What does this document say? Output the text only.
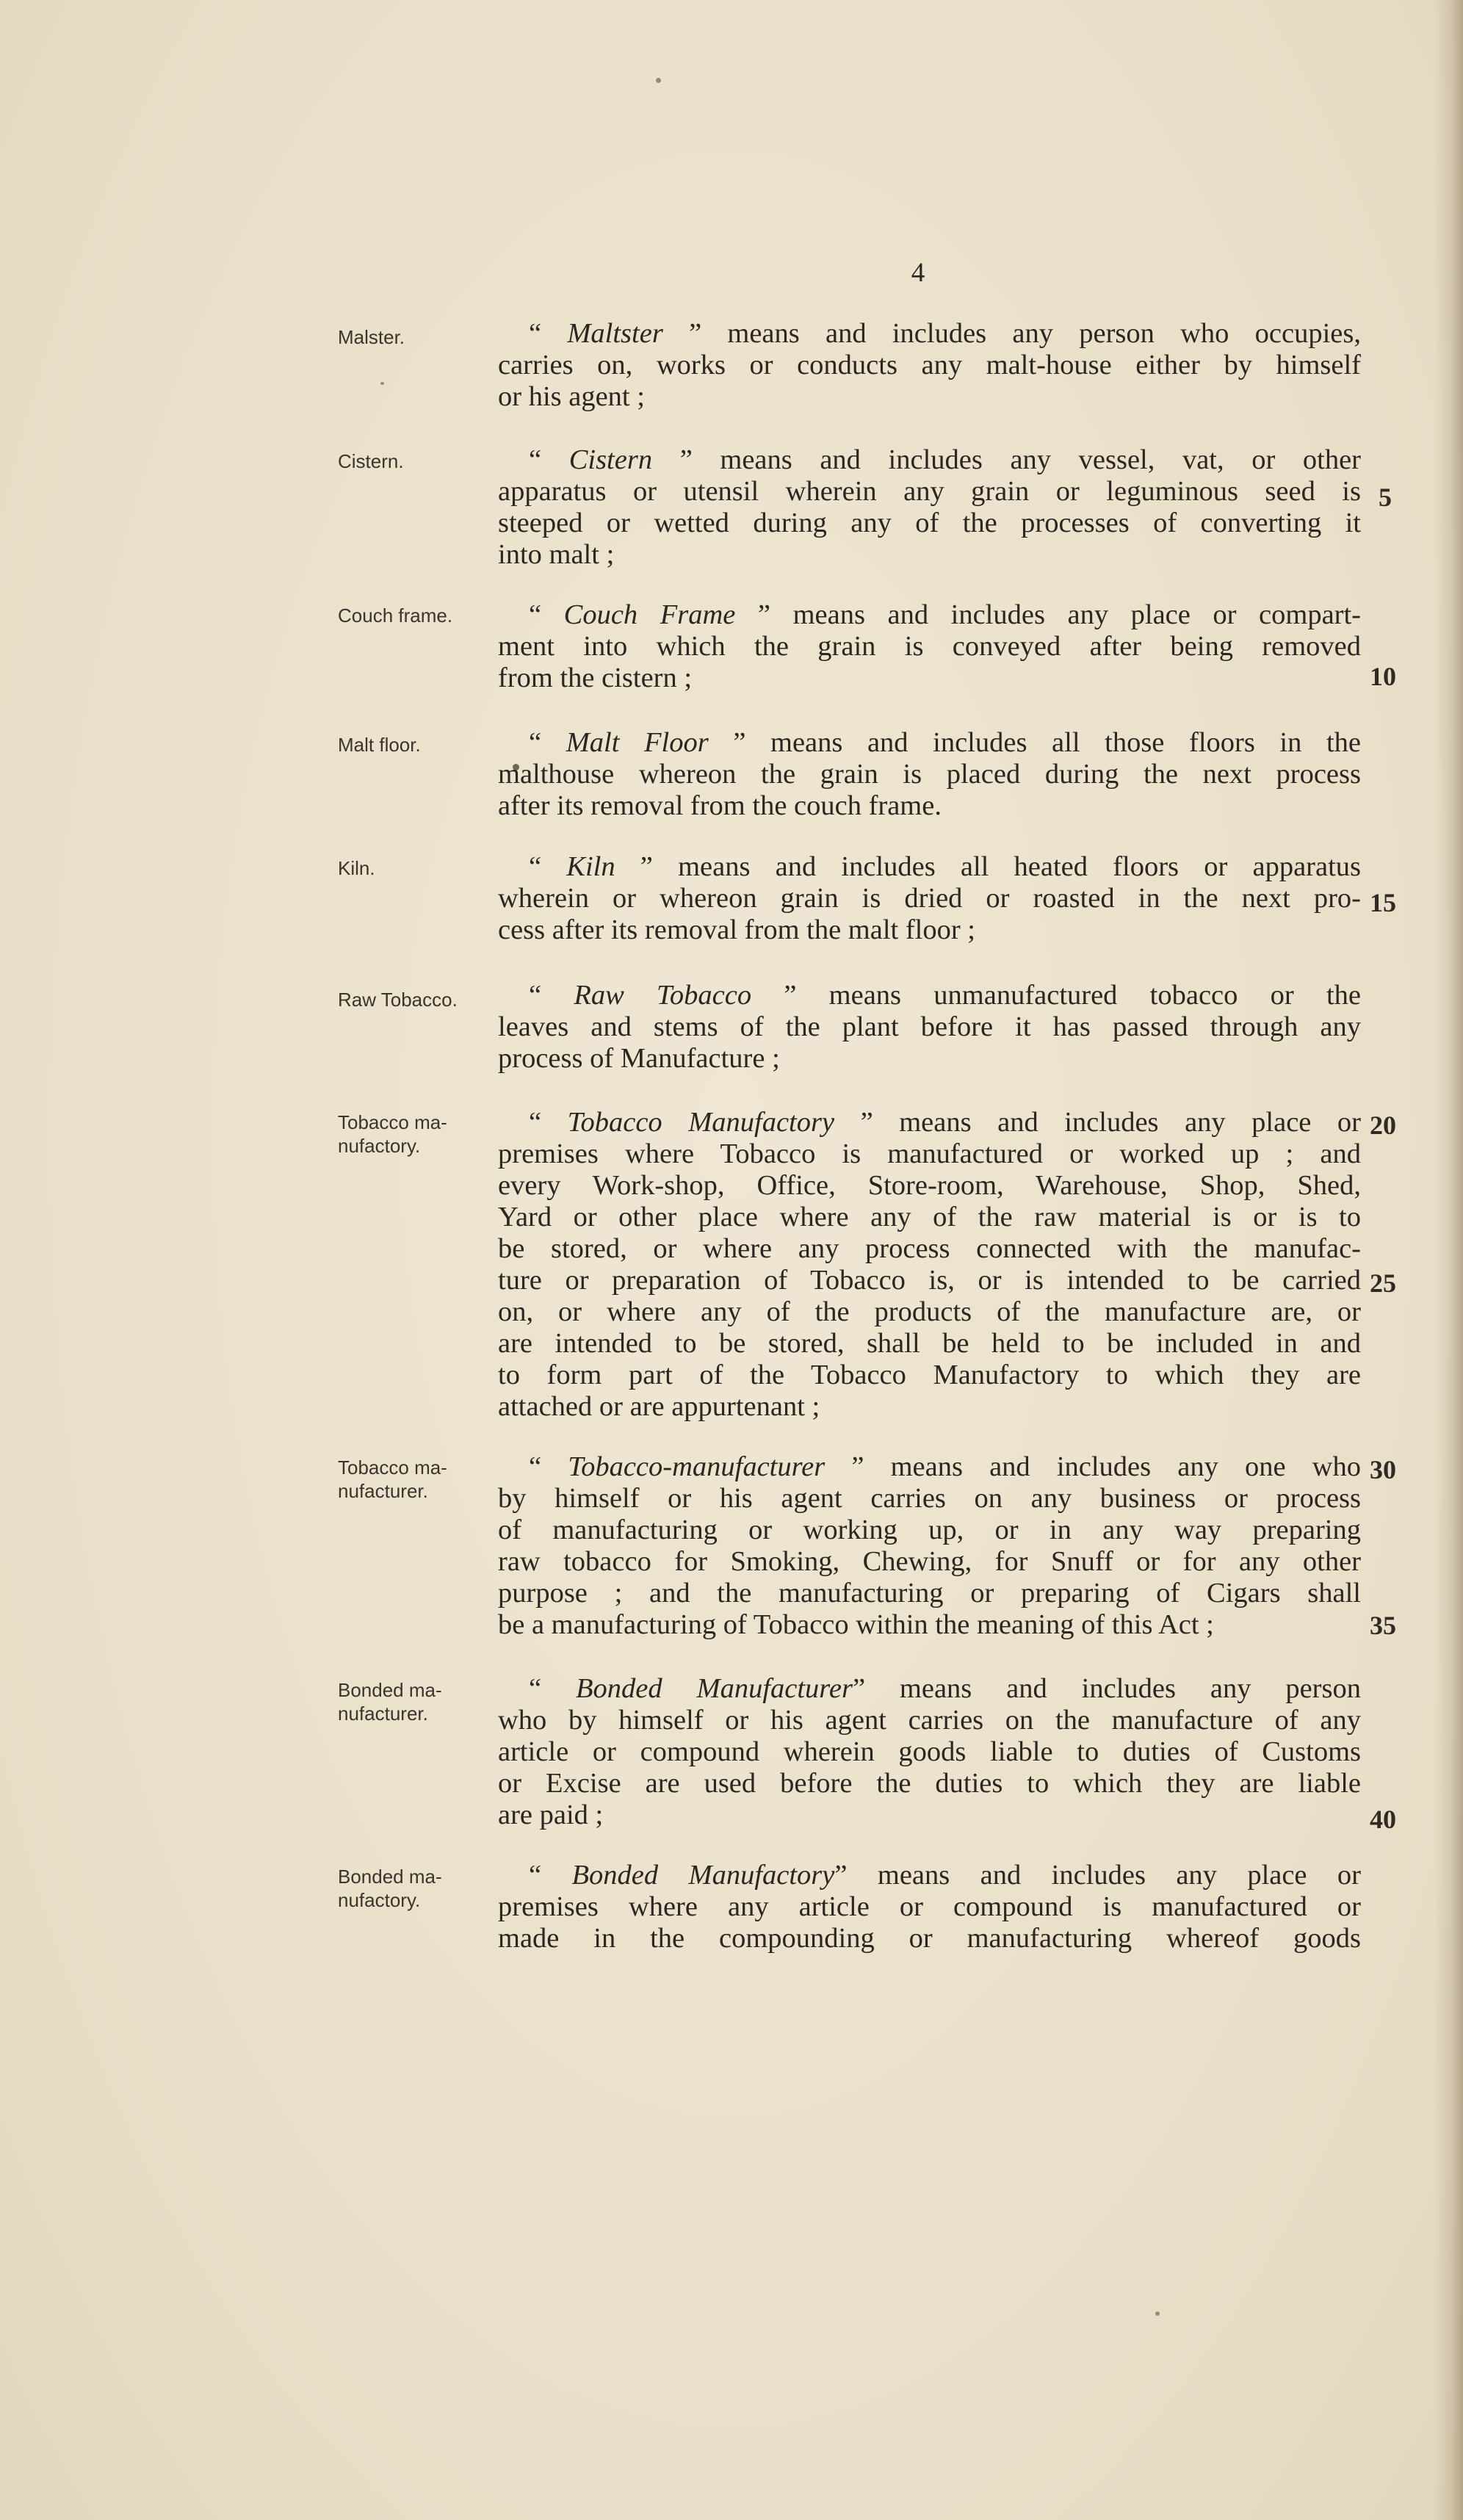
4
Malster.	“ Maltster ” means and includes any person who occupies,
carries on, works or conducts any malt-house either by himself
or his agent ;
Cistern.	“ Cistern ” means and includes any vessel, vat, or other
apparatus or utensil wherein any grain or leguminous seed is
steeped or wetted during any of the processes of converting it
into malt ;
Couch frame.	“ Couch Frame ” means and includes any place or compart-
ment into which the grain is conveyed after being removed
from the cistern ;
Malt floor.	“ Malt Floor ” means and includes all those floors in the
malthouse whereon the grain is placed during the next process
after its removal from the couch frame.
Kiln.	“ Kiln ” means and includes all heated floors or apparatus
wherein or whereon grain is dried or roasted in the next pro-
cess after its removal from the malt floor ;
Raw Tobacco.	“ Raw Tobacco ” means unmanufactured tobacco or the
leaves and stems of the plant before it has passed through any
process of Manufacture ;
Tobacco ma-
nufactory.
“ Tobacco Manufactory ” means and includes any place or
premises where Tobacco is manufactured or worked up ; and
every Work-shop, Office, Store-room, Warehouse, Shop, Shed,
Yard or other place where any of the raw material is or is to
be stored, or where any process connected with the manufac-
ture or preparation of Tobacco is, or is intended to be carried
on, or where any of the products of the manufacture are, or
are intended to be stored, shall be held to be included in and
to form part of the Tobacco Manufactory to which they are
attached or are appurtenant ;
Tobacco ma-
nufacturer.
“ Tobacco-manufacturer ” means and includes any one who
by himself or his agent carries on any business or process
of manufacturing or working up, or in any way preparing
raw tobacco for Smoking, Chewing, for Snuff or for any other
purpose ; and the manufacturing or preparing of Cigars shall
be a manufacturing of Tobacco within the meaning of this Act ;
Bonded ma-
nufacturer.
“ Bonded Manufacturer” means and includes any person
who by himself or his agent carries on the manufacture of any
article or compound wherein goods liable to duties of Customs
or Excise are used before the duties to which they are liable
are paid ;
Bonded ma-
nufactory.
“ Bonded Manufactory” means and includes any place or
premises where any article or compound is manufactured or
made in the compounding or manufacturing whereof goods
5
10
15
20
25
30
35
40
